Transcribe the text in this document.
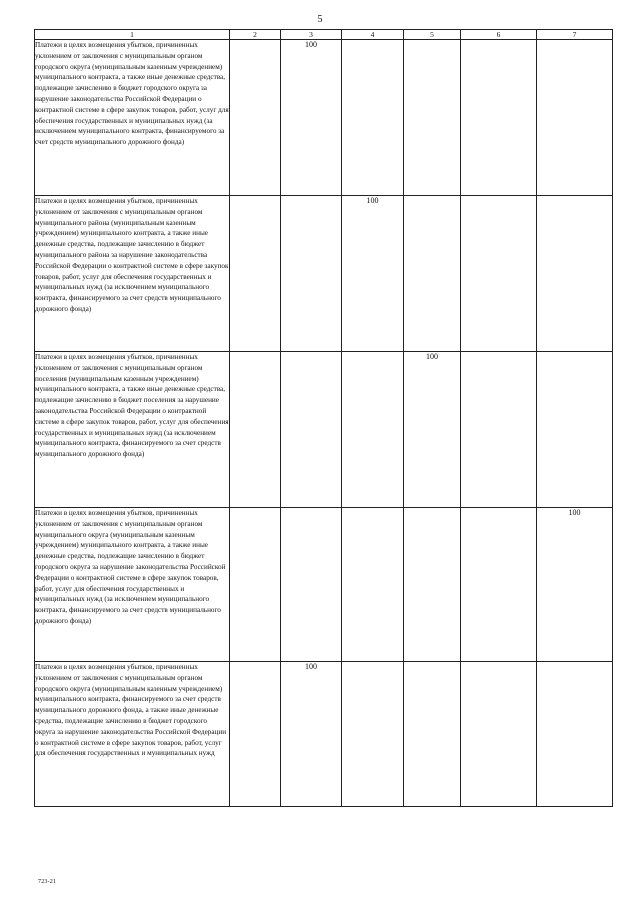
5
1	2	3	4	5	6	7
Платежи в целях возмещения убытков, причиненных уклонением от заключения с муниципальным органом городского округа (муниципальным казенным учреждением) муниципального контракта, а также иные денежные средства, подлежащие зачислению в бюджет городского округа за нарушение законодательства Российской Федерации о контрактной системе в сфере закупок товаров, работ, услуг для обеспечения государственных и муниципальных нужд (за исключением муниципального контракта, финансируемого за счет средств муниципального дорожного фонда)		100				
Платежи в целях возмещения убытков, причиненных уклонением от заключения с муниципальным органом муниципального района (муниципальным казенным учреждением) муниципального контракта, а также иные денежные средства, подлежащие зачислению в бюджет муниципального района за нарушение законодательства Российской Федерации о контрактной системе в сфере закупок товаров, работ, услуг для обеспечения государственных и муниципальных нужд (за исключением муниципального контракта, финансируемого за счет средств муниципального дорожного фонда)			100			
Платежи в целях возмещения убытков, причиненных уклонением от заключения с муниципальным органом поселения (муниципальным казенным учреждением) муниципального контракта, а также иные денежные средства, подлежащие зачислению в бюджет поселения за нарушение законодательства Российской Федерации о контрактной системе в сфере закупок товаров, работ, услуг для обеспечения государственных и муниципальных нужд (за исключением муниципального контракта, финансируемого за счет средств муниципального дорожного фонда)				100		
Платежи в целях возмещения убытков, причиненных уклонением от заключения с муниципальным органом муниципального округа (муниципальным казенным учреждением) муниципального контракта, а также иные денежные средства, подлежащие зачислению в бюджет городского округа за нарушение законодательства Российской Федерации о контрактной системе в сфере закупок товаров, работ, услуг для обеспечения государственных и муниципальных нужд (за исключением муниципального контракта, финансируемого за счет средств муниципального дорожного фонда)						100
Платежи в целях возмещения убытков, причиненных уклонением от заключения с муниципальным органом городского округа (муниципальным казенным учреждением) муниципального контракта, финансируемого за счет средств муниципального дорожного фонда, а также иные денежные средства, подлежащие зачислению в бюджет городского округа за нарушение законодательства Российской Федерации о контрактной системе в сфере закупок товаров, работ, услуг для обеспечения государственных и муниципальных нужд		100				
723-21
